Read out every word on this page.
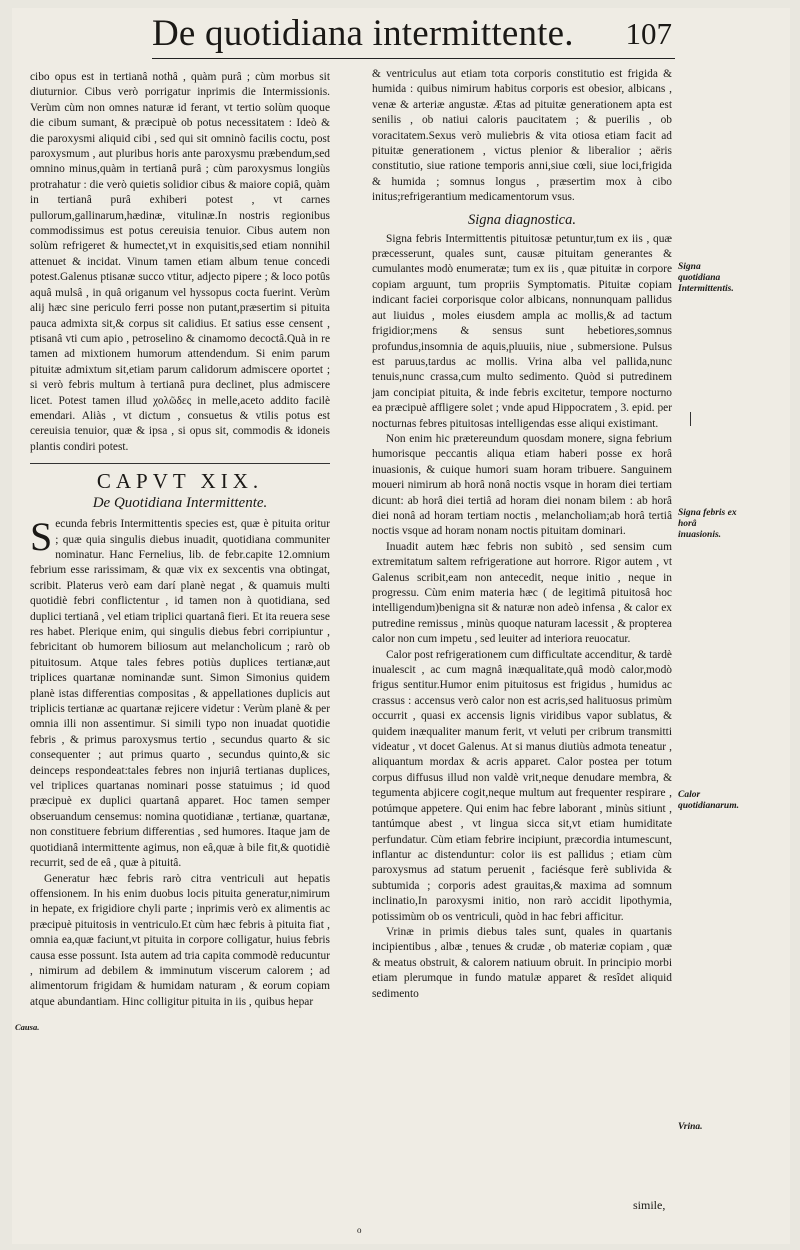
De quotidiana intermittente. 107

cibo opus est in tertianâ nothâ , quàm purâ ; cùm morbus sit diuturnior. Cibus verò porrigatur inprimis die Intermissionis. Verùm cùm non omnes naturæ id ferant, vt tertio solùm quoque die cibum sumant, & præcipuè ob potus necessitatem : Ideò & die paroxysmi aliquid cibi , sed qui sit omninò facilis coctu, post paroxysmum , aut pluribus horis ante paroxysmu præbendum,sed omnino minus,quàm in tertianâ purâ ; cùm paroxysmus longiùs protrahatur : die verò quietis solidior cibus & maiore copiâ, quàm in tertianâ purâ exhiberi potest , vt carnes pullorum,gallinarum,hædinæ, vitulinæ.In nostris regionibus commodissimus est potus cereuisia tenuior. Cibus autem non solùm refrigeret & humectet,vt in exquisitis,sed etiam nonnihil attenuet & incidat. Vinum tamen etiam album tenue concedi potest.Galenus ptisanæ succo vtitur, adjecto pipere ; & loco potûs aquâ mulsâ , in quâ origanum vel hyssopus cocta fuerint. Verùm alij hæc sine periculo ferri posse non putant,præsertim si pituita pauca admixta sit,& corpus sit calidius. Et satius esse censent , ptisanâ vti cum apio , petroselino & cinamomo decoctâ.Quà in re tamen ad mixtionem humorum attendendum. Si enim parum pituitæ admixtum sit,etiam parum calidorum admiscere oportet ; si verò febris multum à tertianâ pura declinet, plus admiscere licet. Potest tamen illud χολῶδες in melle,aceto addito facilè emendari. Aliàs , vt dictum , consuetus & vtilis potus est cereuisia tenuior, quæ & ipsa , si opus sit, commodis & idoneis plantis condiri potest.

CAPVT XIX.

De Quotidiana Intermittente.

Secunda febris Intermittentis species est, quæ è pituita oritur ; quæ quia singulis diebus inuadit, quotidiana communiter nominatur. Hanc Fernelius, lib. de febr.capite 12.omnium febrium esse rarissimam, & quæ vix ex sexcentis vna obtingat, scribit. Platerus verò eam darí planè negat , & quamuis multi quotidiè febri conflictentur , id tamen non à quotidiana, sed duplici tertianâ , vel etiam triplici quartanâ fieri. Et ita reuera sese res habet. Plerique enim, qui singulis diebus febri corripiuntur , febricitant ob humorem biliosum aut melancholicum ; rarò ob pituitosum. Atque tales febres potiùs duplices tertianæ,aut triplices quartanæ nominandæ sunt. Simon Simonius quidem planè istas differentias compositas , & appellationes duplicis aut triplicis tertianæ ac quartanæ rejicere videtur : Verùm planè & per omnia illi non assentimur. Si simili typo non inuadat quotidie febris , & primus paroxysmus tertio , secundus quarto & sic consequenter ; aut primus quarto , secundus quinto,& sic deinceps respondeat:tales febres non injuriâ tertianas duplices, vel triplices quartanas nominari posse statuimus ; id quod præcipuè ex duplici quartanâ apparet. Hoc tamen semper obseruandum censemus: nomina quotidianæ , tertianæ, quartanæ, non constituere febrium differentias , sed humores. Itaque jam de quotidianâ intermittente agimus, non eâ,quæ à bile fit,& quotidiè recurrit, sed de eâ , quæ à pituitâ.

Generatur hæc febris rarò citra ventriculi aut hepatis offensionem. In his enim duobus locis pituita generatur,nimirum in hepate, ex frigidiore chyli parte ; inprimis verò ex alimentis ac præcipuè pituitosis in ventriculo.Et cùm hæc febris à pituita fiat , omnia ea,quæ faciunt,vt pituita in corpore colligatur, huius febris causa esse possunt. Ista autem ad tria capita commodè reducuntur , nimirum ad debilem & imminutum viscerum calorem ; ad alimentorum frigidam & humidam naturam , & eorum copiam atque abundantiam. Hinc colligitur pituita in iis , quibus hepar

& ventriculus aut etiam tota corporis constitutio est frigida & humida : quibus nimirum habitus corporis est obesior, albicans , venæ & arteriæ angustæ. Ætas ad pituitæ generationem apta est senilis , ob natiui caloris paucitatem ; & puerilis , ob voracitatem.Sexus verò muliebris & vita otiosa etiam facit ad pituitæ generationem , victus plenior & liberalior ; aëris constitutio, siue ratione temporis anni,siue cœli, siue loci,frigida & humida ; somnus longus , præsertim mox à cibo initus;refrigerantium medicamentorum vsus.

Signa diagnostica.

Signa febris Intermittentis pituitosæ petuntur,tum ex iis , quæ præcesserunt, quales sunt, causæ pituitam generantes & cumulantes modò enumeratæ; tum ex iis , quæ pituitæ in corpore copiam arguunt, tum propriis Symptomatis. Pituitæ copiam indicant faciei corporisque color albicans, nonnunquam pallidus aut liuidus , moles eiusdem ampla ac mollis,& ad tactum frigidior;mens & sensus sunt hebetiores,somnus profundus,insomnia de aquis,pluuiis, niue , submersione. Pulsus est paruus,tardus ac mollis. Vrina alba vel pallida,nunc tenuis,nunc crassa,cum multo sedimento. Quòd si putredinem jam concipiat pituita, & inde febris excitetur, tempore nocturno ea præcipuè affligere solet ; vnde apud Hippocratem , 3. epid. per nocturnas febres pituitosas intelligendas esse aliqui existimant.

Non enim hic prætereundum quosdam monere, signa febrium humorisque peccantis aliqua etiam haberi posse ex horâ inuasionis, & cuique humori suam horam tribuere. Sanguinem moueri nimirum ab horâ nonâ noctis vsque in horam diei tertiam dicunt: ab horâ diei tertiâ ad horam diei nonam bilem : ab horâ diei nonâ ad horam tertiam noctis , melancholiam;ab horâ tertiâ noctis vsque ad horam nonam noctis pituitam dominari.

Inuadit autem hæc febris non subitò , sed sensim cum extremitatum saltem refrigeratione aut horrore. Rigor autem , vt Galenus scribit,eam non antecedit, neque initio , neque in progressu. Cùm enim materia hæc ( de legitimâ pituitosâ hoc intelligendum)benigna sit & naturæ non adeò infensa , & calor ex putredine remissus , minùs quoque naturam lacessit , & propterea calor non cum impetu , sed leuiter ad interiora reuocatur.

Calor post refrigerationem cum difficultate accenditur, & tardè inualescit , ac cum magnâ inæqualitate,quâ modò calor,modò frigus sentitur.Humor enim pituitosus est frigidus , humidus ac crassus : accensus verò calor non est acris,sed halituosus primùm occurrit , quasi ex accensis lignis viridibus vapor sublatus, & quidem inæqualiter manum ferit, vt veluti per cribrum transmitti videatur , vt docet Galenus. At si manus diutiùs admota teneatur , aliquantum mordax & acris apparet. Calor postea per totum corpus diffusus illud non valdè vrit,neque denudare membra, & tegumenta abjicere cogit,neque multum aut frequenter respirare , potúmque appetere. Qui enim hac febre laborant , minùs sitiunt , tantúmque abest , vt lingua sicca sit,vt etiam humiditate perfundatur. Cùm etiam febrire incipiunt, præcordia intumescunt, inflantur ac distenduntur: color iis est pallidus ; etiam cùm paroxysmus ad statum peruenit , faciésque ferè sublivida & subtumida ; corporis adest grauitas,& maxima ad somnum inclinatio,In paroxysmi initio, non rarò accidit lipothymia, potissimùm ob os ventriculi, quòd in hac febri afficitur.

Vrinæ in primis diebus tales sunt, quales in quartanis incipientibus , albæ , tenues & crudæ , ob materiæ copiam , quæ & meatus obstruit, & calorem natiuum obruit. In principio morbi etiam plerumque in fundo matulæ apparet & resîdet aliquid sedimento

Signa quotidiana Intermittentis.
Signa febris ex horâ inuasionis.
Calor quotidianarum.
Vrina.
Causa.
simile,
o
